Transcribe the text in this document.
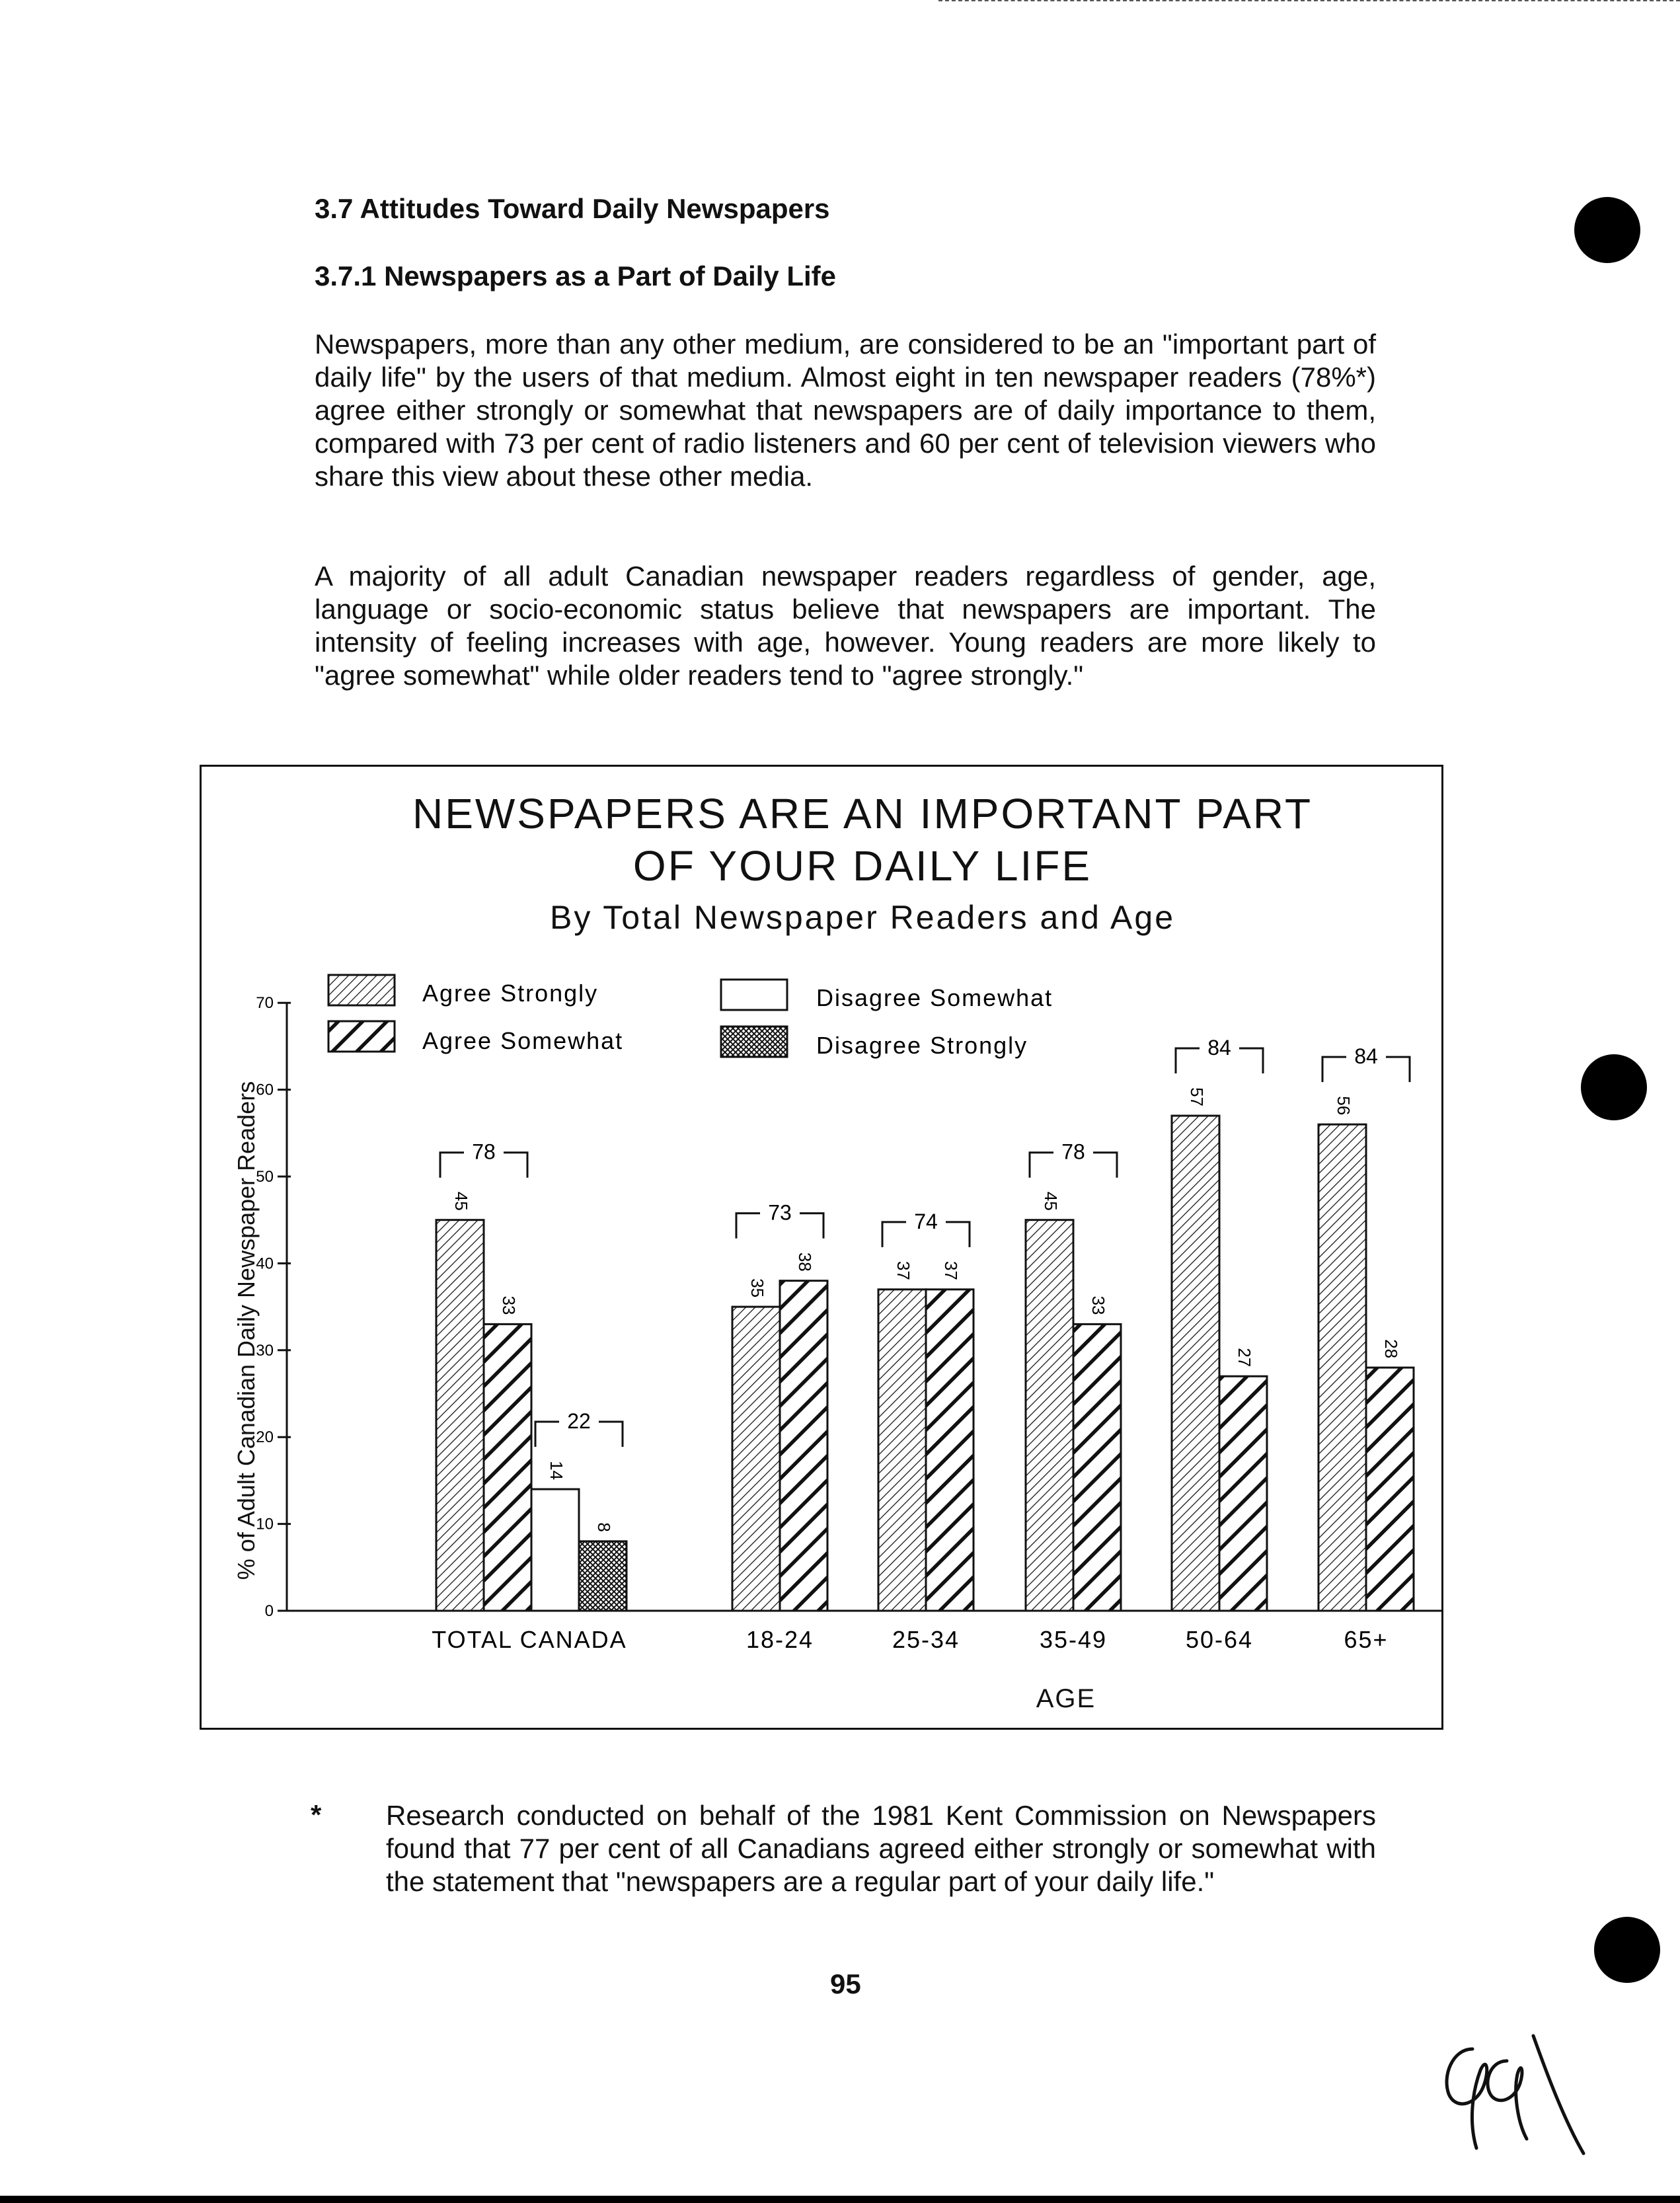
3.7 Attitudes Toward Daily Newspapers
3.7.1 Newspapers as a Part of Daily Life
Newspapers, more than any other medium, are considered to be an "important part of daily life" by the users of that medium. Almost eight in ten newspaper readers (78%*) agree either strongly or somewhat that newspapers are of daily importance to them, compared with 73 per cent of radio listeners and 60 per cent of television viewers who share this view about these other media.
A majority of all adult Canadian newspaper readers regardless of gender, age, language or socio-economic status believe that newspapers are important. The intensity of feeling increases with age, however. Young readers are more likely to "agree somewhat" while older readers tend to "agree strongly."
NEWSPAPERS ARE AN IMPORTANT PART
OF YOUR DAILY LIFE
By Total Newspaper Readers and Age
Agree Strongly
Agree Somewhat
Disagree Somewhat
Disagree Strongly
% of Adult Canadian Daily Newspaper Readers
AGE
0
10
20
30
40
50
60
70
45
33
14
8
35
38	37 37
45
33
57
27
56
28
TOTAL CANADA	18-24	25-34	35-49	50-64	65+
78
22
73	74
78
84	84
* Research conducted on behalf of the 1981 Kent Commission on Newspapers found that 77 per cent of all Canadians agreed either strongly or somewhat with the statement that "newspapers are a regular part of your daily life."
95
